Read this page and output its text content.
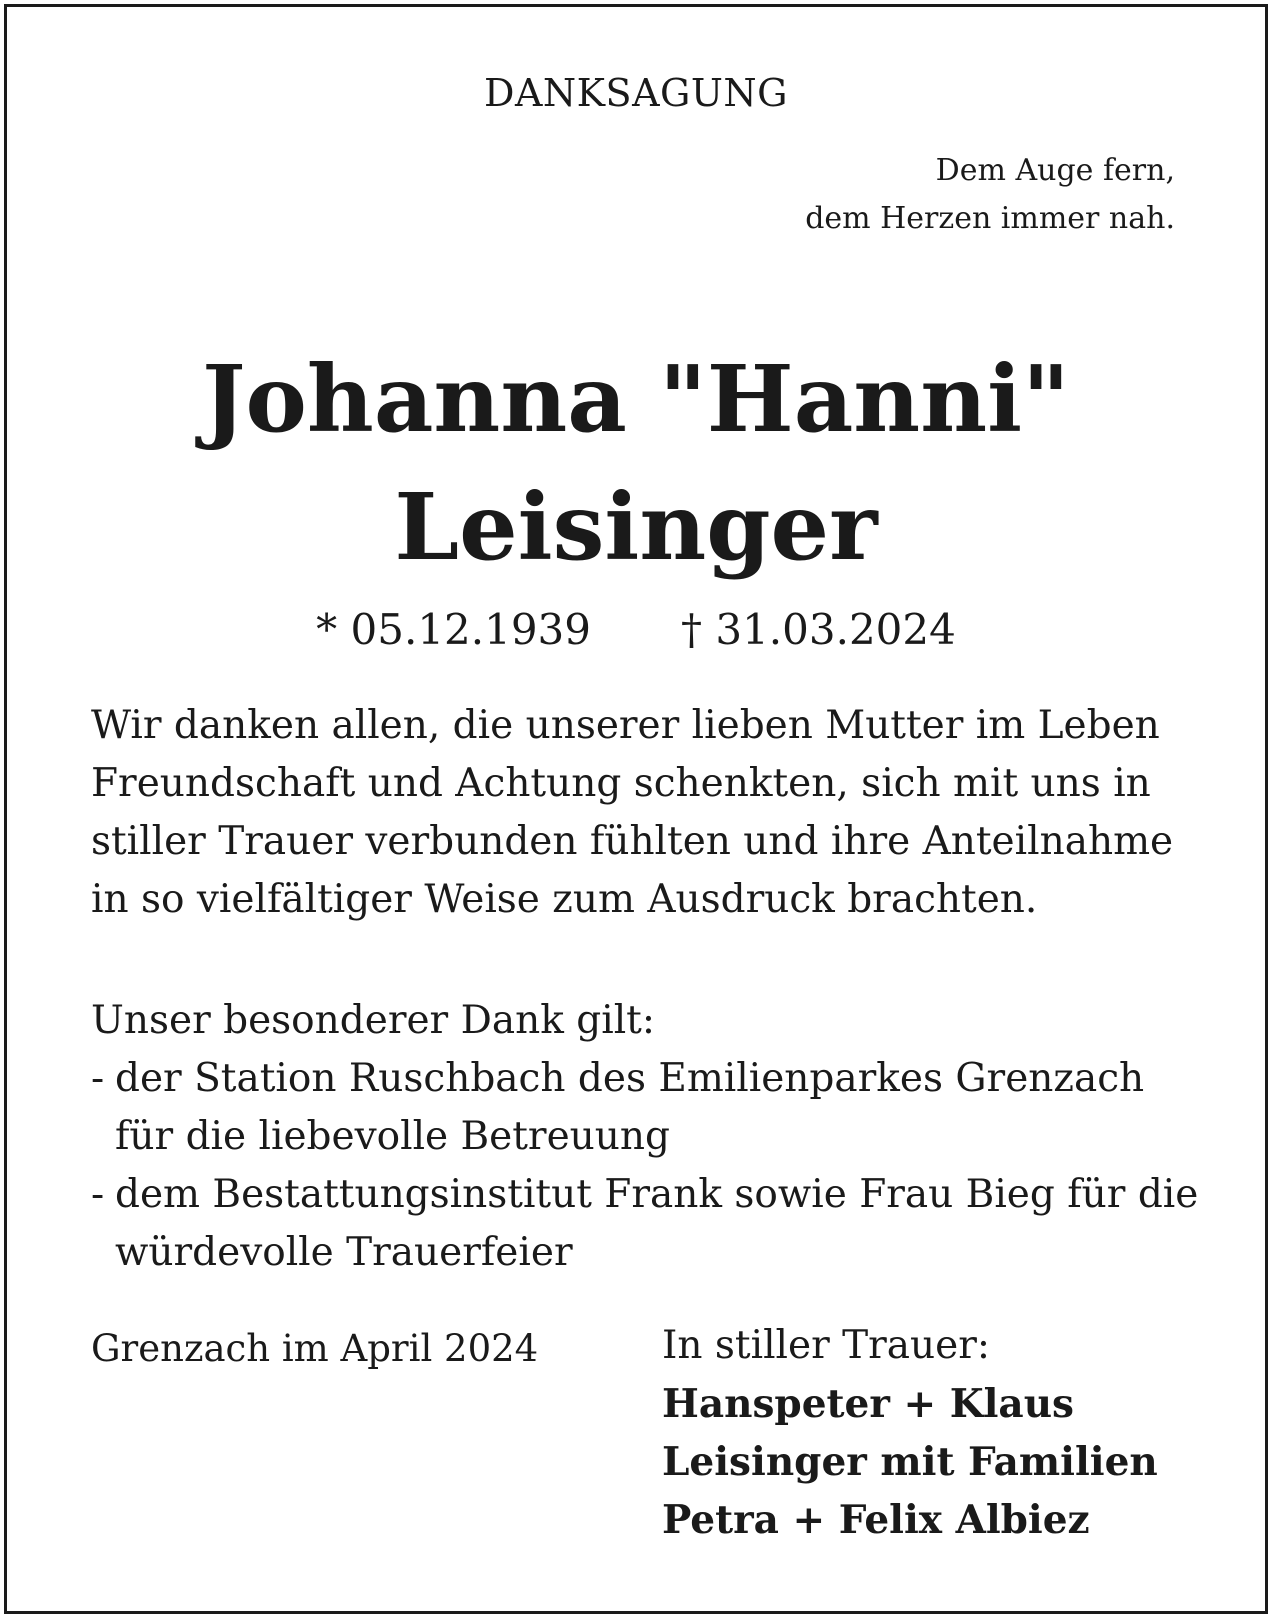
DANKSAGUNG
Dem Auge fern,
dem Herzen immer nah.
Johanna "Hanni"
Leisinger
* 05.12.1939 † 31.03.2024

Wir danken allen, die unserer lieben Mutter im Leben Freundschaft und Achtung schenkten, sich mit uns in stiller Trauer verbunden fühlten und ihre Anteilnahme in so vielfältiger Weise zum Ausdruck brachten.

Unser besonderer Dank gilt:
- der Station Ruschbach des Emilienparkes Grenzach für die liebevolle Betreuung
- dem Bestattungsinstitut Frank sowie Frau Bieg für die würdevolle Trauerfeier
Grenzach im April 2024	In stiller Trauer:
Hanspeter + Klaus
Leisinger mit Familien
Petra + Felix Albiez
